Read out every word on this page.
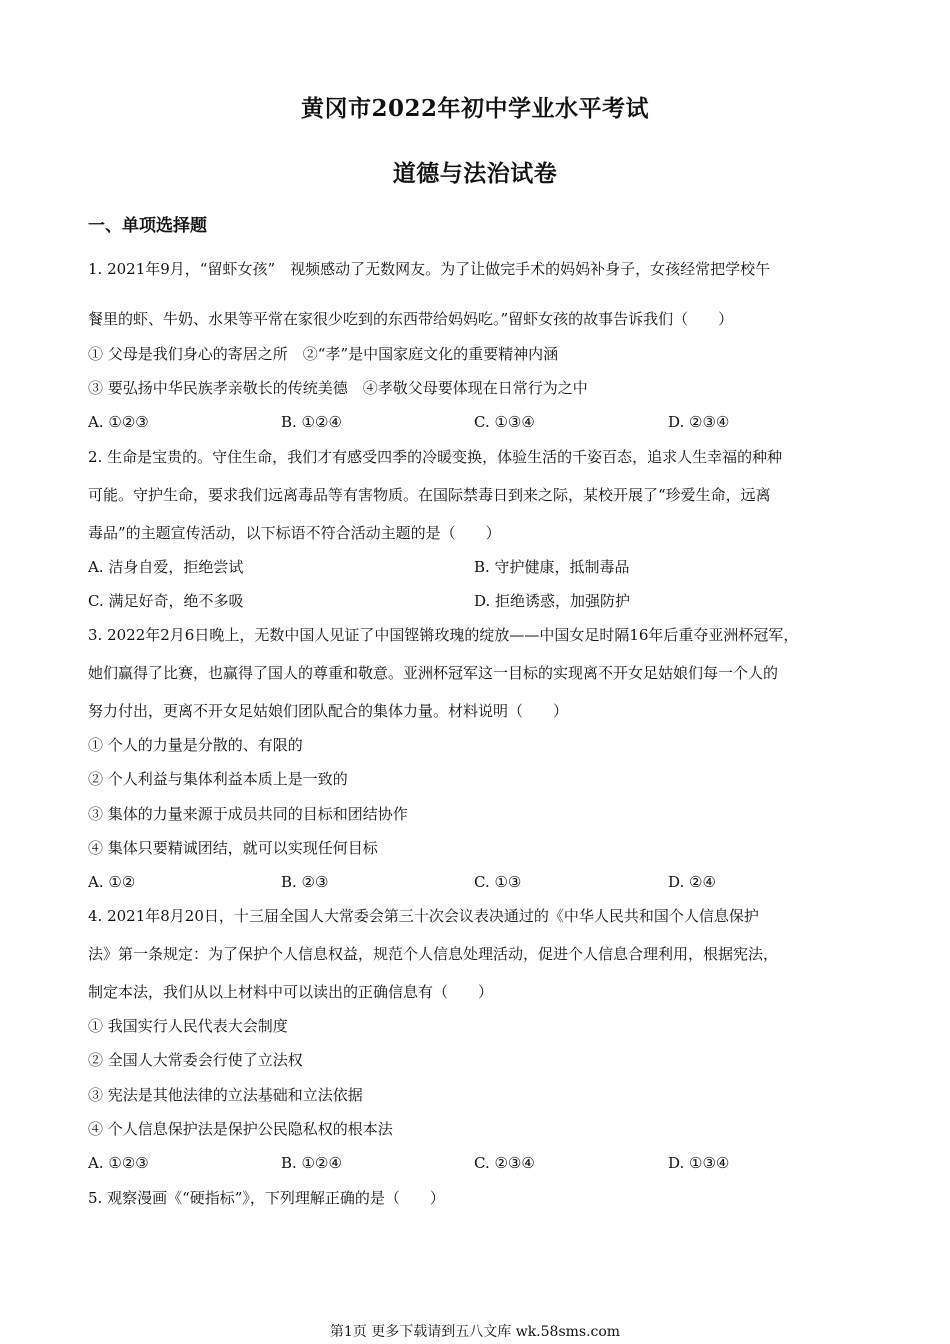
黄冈市2022年初中学业水平考试
道德与法治试卷
一、单项选择题
1. 2021年9月，“留虾女孩”　视频感动了无数网友。为了让做完手术的妈妈补身子，女孩经常把学校午
餐里的虾、牛奶、水果等平常在家很少吃到的东西带给妈妈吃。”留虾女孩的故事告诉我们（　　）
① 父母是我们身心的寄居之所　②“孝”是中国家庭文化的重要精神内涵
③ 要弘扬中华民族孝亲敬长的传统美德　④孝敬父母要体现在日常行为之中
A. ①②③	B. ①②④	C. ①③④	D. ②③④
2. 生命是宝贵的。守住生命，我们才有感受四季的冷暖变换，体验生活的千姿百态，追求人生幸福的种种
可能。守护生命，要求我们远离毒品等有害物质。在国际禁毒日到来之际，某校开展了“珍爱生命，远离
毒品”的主题宣传活动，以下标语不符合活动主题的是（　　）
A. 洁身自爱，拒绝尝试	B. 守护健康，抵制毒品
C. 满足好奇，绝不多吸	D. 拒绝诱惑，加强防护
3. 2022年2月6日晚上，无数中国人见证了中国铿锵玫瑰的绽放——中国女足时隔16年后重夺亚洲杯冠军，
她们赢得了比赛，也赢得了国人的尊重和敬意。亚洲杯冠军这一目标的实现离不开女足姑娘们每一个人的
努力付出，更离不开女足姑娘们团队配合的集体力量。材料说明（　　）
① 个人的力量是分散的、有限的
② 个人利益与集体利益本质上是一致的
③ 集体的力量来源于成员共同的目标和团结协作
④ 集体只要精诚团结，就可以实现任何目标
A. ①②	B. ②③	C. ①③	D. ②④
4. 2021年8月20日，十三届全国人大常委会第三十次会议表决通过的《中华人民共和国个人信息保护
法》第一条规定：为了保护个人信息权益，规范个人信息处理活动，促进个人信息合理利用，根据宪法，
制定本法，我们从以上材料中可以读出的正确信息有（　　）
① 我国实行人民代表大会制度
② 全国人大常委会行使了立法权
③ 宪法是其他法律的立法基础和立法依据
④ 个人信息保护法是保护公民隐私权的根本法
A. ①②③	B. ①②④	C. ②③④	D. ①③④
5. 观察漫画《“硬指标”》，下列理解正确的是（　　）
第1页 更多下载请到五八文库 wk.58sms.com
